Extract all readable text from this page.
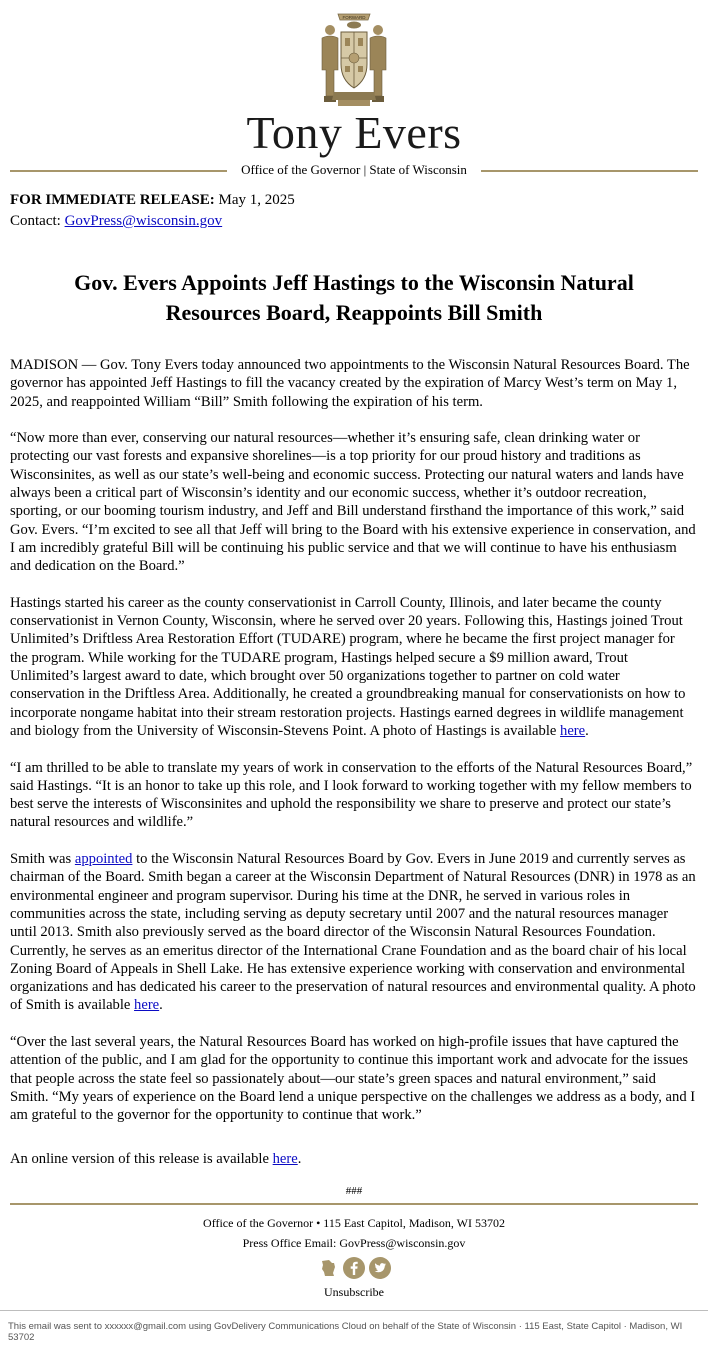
FORWARD
Tony Evers
Office of the Governor | State of Wisconsin
FOR IMMEDIATE RELEASE: May 1, 2025
Contact: GovPress@wisconsin.gov
Gov. Evers Appoints Jeff Hastings to the Wisconsin Natural Resources Board, Reappoints Bill Smith

MADISON — Gov. Tony Evers today announced two appointments to the Wisconsin Natural Resources Board. The governor has appointed Jeff Hastings to fill the vacancy created by the expiration of Marcy West’s term on May 1, 2025, and reappointed William “Bill” Smith following the expiration of his term.

“Now more than ever, conserving our natural resources—whether it’s ensuring safe, clean drinking water or protecting our vast forests and expansive shorelines—is a top priority for our proud history and traditions as Wisconsinites, as well as our state’s well-being and economic success. Protecting our natural waters and lands have always been a critical part of Wisconsin’s identity and our economic success, whether it’s outdoor recreation, sporting, or our booming tourism industry, and Jeff and Bill understand firsthand the importance of this work,” said Gov. Evers. “I’m excited to see all that Jeff will bring to the Board with his extensive experience in conservation, and I am incredibly grateful Bill will be continuing his public service and that we will continue to have his enthusiasm and dedication on the Board.”

Hastings started his career as the county conservationist in Carroll County, Illinois, and later became the county conservationist in Vernon County, Wisconsin, where he served over 20 years. Following this, Hastings joined Trout Unlimited’s Driftless Area Restoration Effort (TUDARE) program, where he became the first project manager for the program. While working for the TUDARE program, Hastings helped secure a $9 million award, Trout Unlimited’s largest award to date, which brought over 50 organizations together to partner on cold water conservation in the Driftless Area. Additionally, he created a groundbreaking manual for conservationists on how to incorporate nongame habitat into their stream restoration projects. Hastings earned degrees in wildlife management and biology from the University of Wisconsin-Stevens Point. A photo of Hastings is available here.

“I am thrilled to be able to translate my years of work in conservation to the efforts of the Natural Resources Board,” said Hastings. “It is an honor to take up this role, and I look forward to working together with my fellow members to best serve the interests of Wisconsinites and uphold the responsibility we share to preserve and protect our state’s natural resources and wildlife.”

Smith was appointed to the Wisconsin Natural Resources Board by Gov. Evers in June 2019 and currently serves as chairman of the Board. Smith began a career at the Wisconsin Department of Natural Resources (DNR) in 1978 as an environmental engineer and program supervisor. During his time at the DNR, he served in various roles in communities across the state, including serving as deputy secretary until 2007 and the natural resources manager until 2013. Smith also previously served as the board director of the Wisconsin Natural Resources Foundation. Currently, he serves as an emeritus director of the International Crane Foundation and as the board chair of his local Zoning Board of Appeals in Shell Lake. He has extensive experience working with conservation and environmental organizations and has dedicated his career to the preservation of natural resources and environmental quality. A photo of Smith is available here.

“Over the last several years, the Natural Resources Board has worked on high-profile issues that have captured the attention of the public, and I am glad for the opportunity to continue this important work and advocate for the issues that people across the state feel so passionately about—our state’s green spaces and natural environment,” said Smith. “My years of experience on the Board lend a unique perspective on the challenges we address as a body, and I am grateful to the governor for the opportunity to continue that work.”

An online version of this release is available here.

###
Office of the Governor • 115 East Capitol, Madison, WI 53702
Press Office Email: GovPress@wisconsin.gov
Unsubscribe
This email was sent to xxxxxx@gmail.com using GovDelivery Communications Cloud on behalf of the State of Wisconsin · 115 East, State Capitol · Madison, WI 53702
